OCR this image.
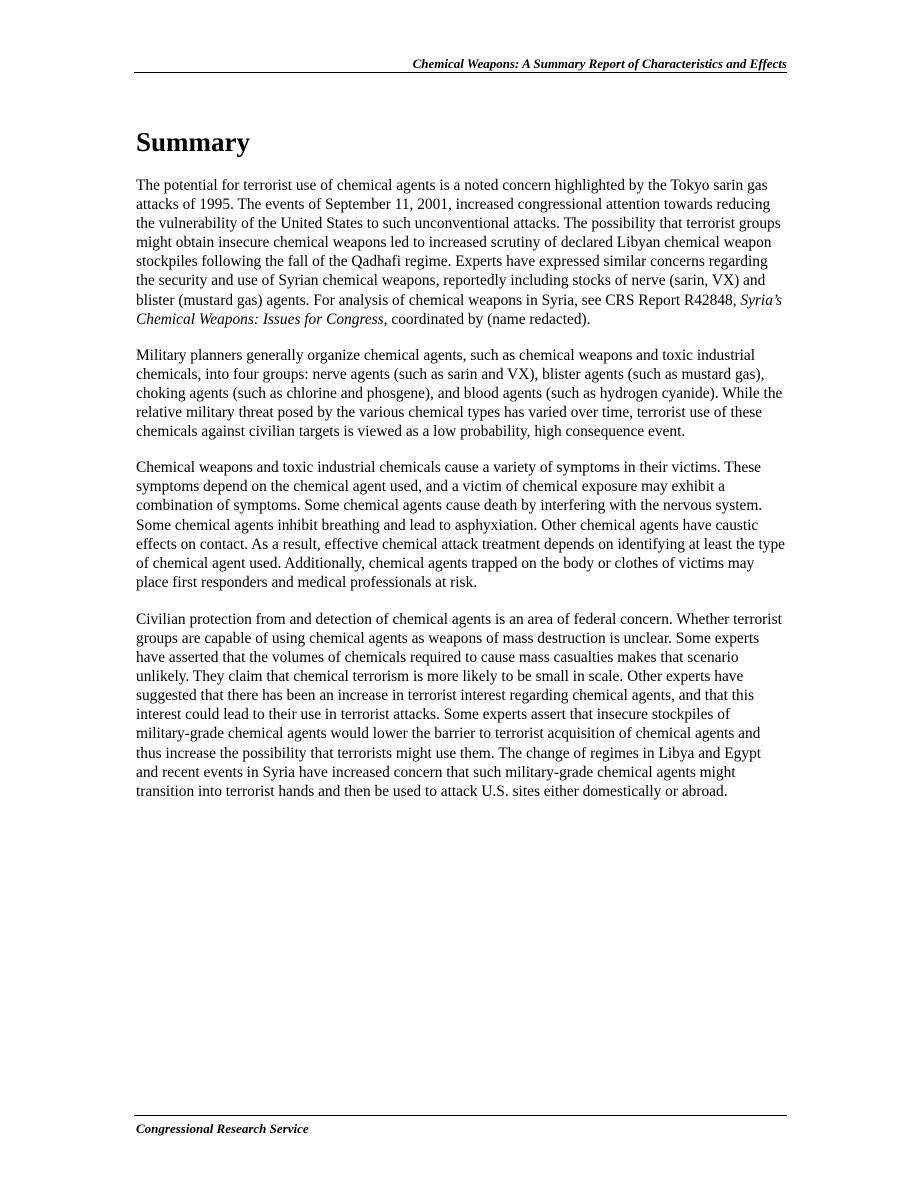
Chemical Weapons: A Summary Report of Characteristics and Effects
Summary

The potential for terrorist use of chemical agents is a noted concern highlighted by the Tokyo sarin gas attacks of 1995. The events of September 11, 2001, increased congressional attention towards reducing the vulnerability of the United States to such unconventional attacks. The possibility that terrorist groups might obtain insecure chemical weapons led to increased scrutiny of declared Libyan chemical weapon stockpiles following the fall of the Qadhafi regime. Experts have expressed similar concerns regarding the security and use of Syrian chemical weapons, reportedly including stocks of nerve (sarin, VX) and blister (mustard gas) agents. For analysis of chemical weapons in Syria, see CRS Report R42848, Syria’s Chemical Weapons: Issues for Congress, coordinated by (name redacted).

Military planners generally organize chemical agents, such as chemical weapons and toxic industrial chemicals, into four groups: nerve agents (such as sarin and VX), blister agents (such as mustard gas), choking agents (such as chlorine and phosgene), and blood agents (such as hydrogen cyanide). While the relative military threat posed by the various chemical types has varied over time, terrorist use of these chemicals against civilian targets is viewed as a low probability, high consequence event.

Chemical weapons and toxic industrial chemicals cause a variety of symptoms in their victims. These symptoms depend on the chemical agent used, and a victim of chemical exposure may exhibit a combination of symptoms. Some chemical agents cause death by interfering with the nervous system. Some chemical agents inhibit breathing and lead to asphyxiation. Other chemical agents have caustic effects on contact. As a result, effective chemical attack treatment depends on identifying at least the type of chemical agent used. Additionally, chemical agents trapped on the body or clothes of victims may place first responders and medical professionals at risk.

Civilian protection from and detection of chemical agents is an area of federal concern. Whether terrorist groups are capable of using chemical agents as weapons of mass destruction is unclear. Some experts have asserted that the volumes of chemicals required to cause mass casualties makes that scenario unlikely. They claim that chemical terrorism is more likely to be small in scale. Other experts have suggested that there has been an increase in terrorist interest regarding chemical agents, and that this interest could lead to their use in terrorist attacks. Some experts assert that insecure stockpiles of military-grade chemical agents would lower the barrier to terrorist acquisition of chemical agents and thus increase the possibility that terrorists might use them. The change of regimes in Libya and Egypt and recent events in Syria have increased concern that such military-grade chemical agents might transition into terrorist hands and then be used to attack U.S. sites either domestically or abroad.

Congressional Research Service
